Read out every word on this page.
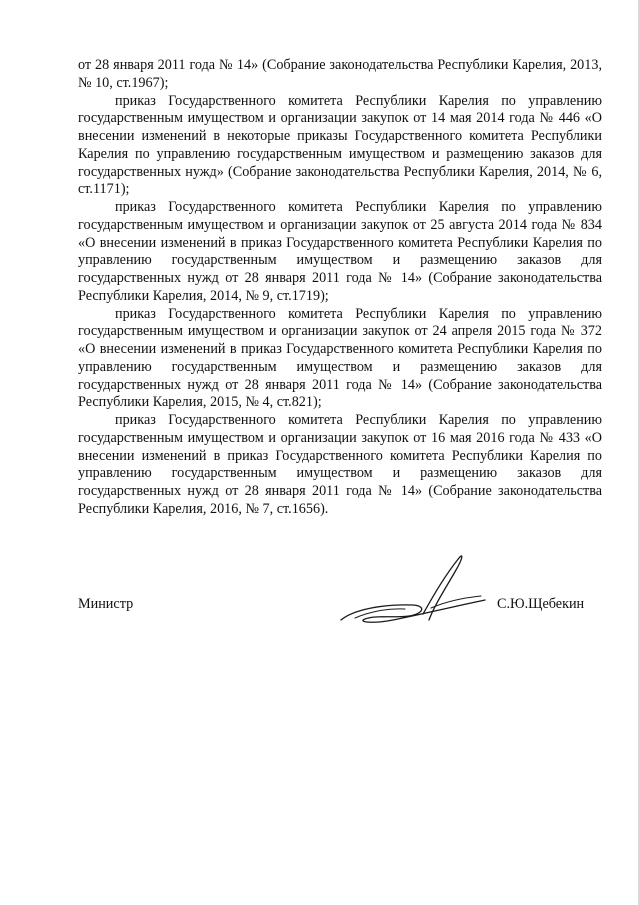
от 28 января 2011 года № 14» (Собрание законодательства Республики Карелия, 2013, № 10, ст.1967);

приказ Государственного комитета Республики Карелия по управлению государственным имуществом и организации закупок от 14 мая 2014 года № 446 «О внесении изменений в некоторые приказы Государственного комитета Республики Карелия по управлению государственным имуществом и размещению заказов для государственных нужд» (Собрание законодательства Республики Карелия, 2014, № 6, ст.1171);

приказ Государственного комитета Республики Карелия по управлению государственным имуществом и организации закупок от 25 августа 2014 года № 834 «О внесении изменений в приказ Государственного комитета Республики Карелия по управлению государственным имуществом и размещению заказов для государственных нужд от 28 января 2011 года № 14» (Собрание законодательства Республики Карелия, 2014, № 9, ст.1719);

приказ Государственного комитета Республики Карелия по управлению государственным имуществом и организации закупок от 24 апреля 2015 года № 372 «О внесении изменений в приказ Государственного комитета Республики Карелия по управлению государственным имуществом и размещению заказов для государственных нужд от 28 января 2011 года № 14» (Собрание законодательства Республики Карелия, 2015, № 4, ст.821);

приказ Государственного комитета Республики Карелия по управлению государственным имуществом и организации закупок от 16 мая 2016 года № 433 «О внесении изменений в приказ Государственного комитета Республики Карелия по управлению государственным имуществом и размещению заказов для государственных нужд от 28 января 2011 года № 14» (Собрание законодательства Республики Карелия, 2016, № 7, ст.1656).

Министр	С.Ю.Щебекин
